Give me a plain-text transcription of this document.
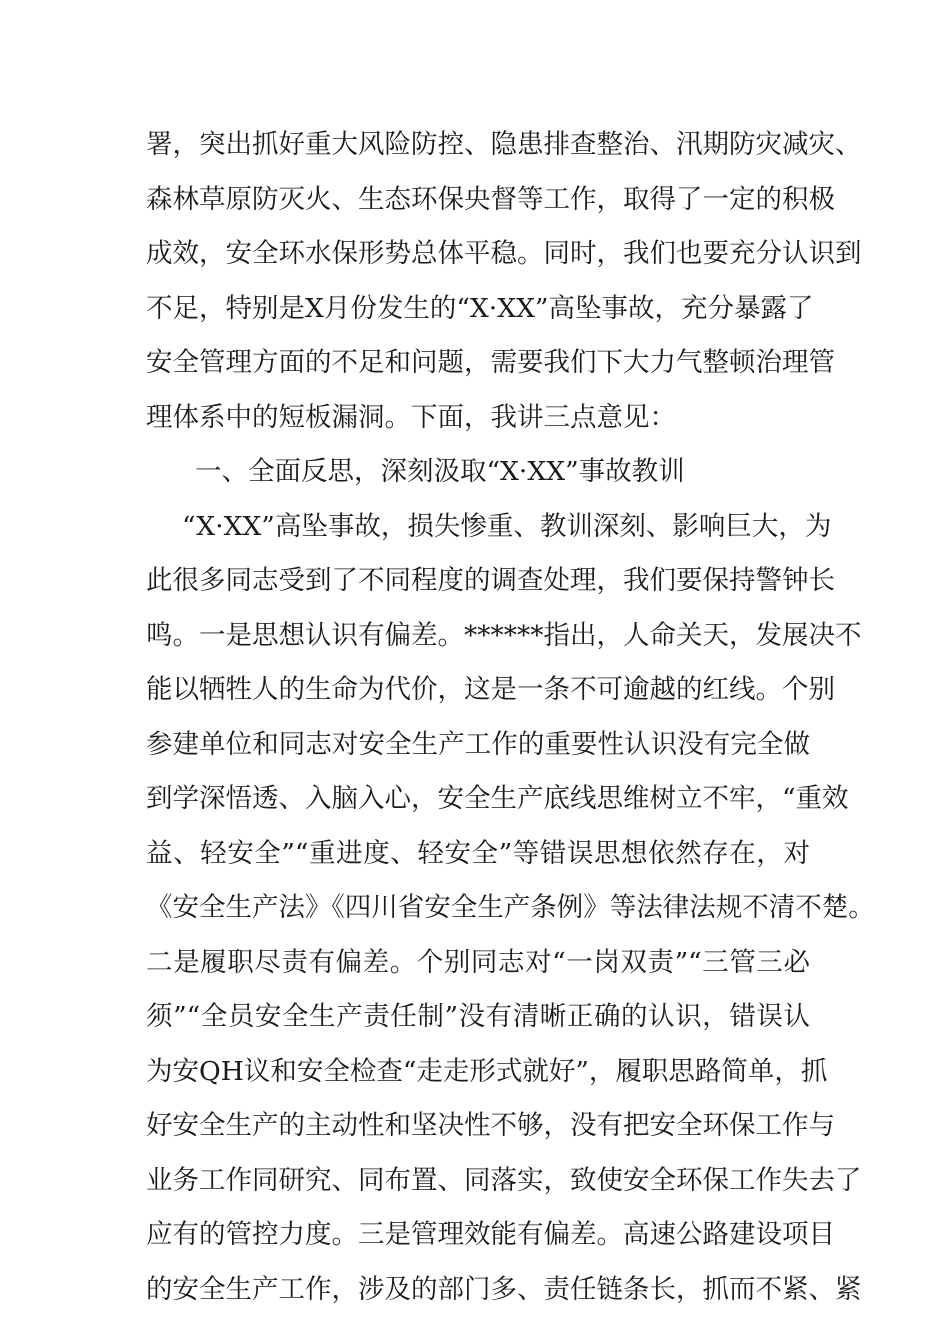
署，突出抓好重大风险防控、隐患排查整治、汛期防灾减灾、
森林草原防灭火、生态环保央督等工作，取得了一定的积极
成效，安全环水保形势总体平稳。同时，我们也要充分认识到
不足，特别是X月份发生的“X·XX”高坠事故，充分暴露了
安全管理方面的不足和问题，需要我们下大力气整顿治理管
理体系中的短板漏洞。下面，我讲三点意见：
一、全面反思，深刻汲取“X·XX”事故教训
“X·XX”高坠事故，损失惨重、教训深刻、影响巨大，为
此很多同志受到了不同程度的调查处理，我们要保持警钟长
鸣。一是思想认识有偏差。******指出，人命关天，发展决不
能以牺牲人的生命为代价，这是一条不可逾越的红线。个别
参建单位和同志对安全生产工作的重要性认识没有完全做
到学深悟透、入脑入心，安全生产底线思维树立不牢，“重效
益、轻安全”“重进度、轻安全”等错误思想依然存在，对
《安全生产法》《四川省安全生产条例》等法律法规不清不楚。
二是履职尽责有偏差。个别同志对“一岗双责”“三管三必
须”“全员安全生产责任制”没有清晰正确的认识，错误认
为安QH议和安全检查“走走形式就好”，履职思路简单，抓
好安全生产的主动性和坚决性不够，没有把安全环保工作与
业务工作同研究、同布置、同落实，致使安全环保工作失去了
应有的管控力度。三是管理效能有偏差。高速公路建设项目
的安全生产工作，涉及的部门多、责任链条长，抓而不紧、紧
